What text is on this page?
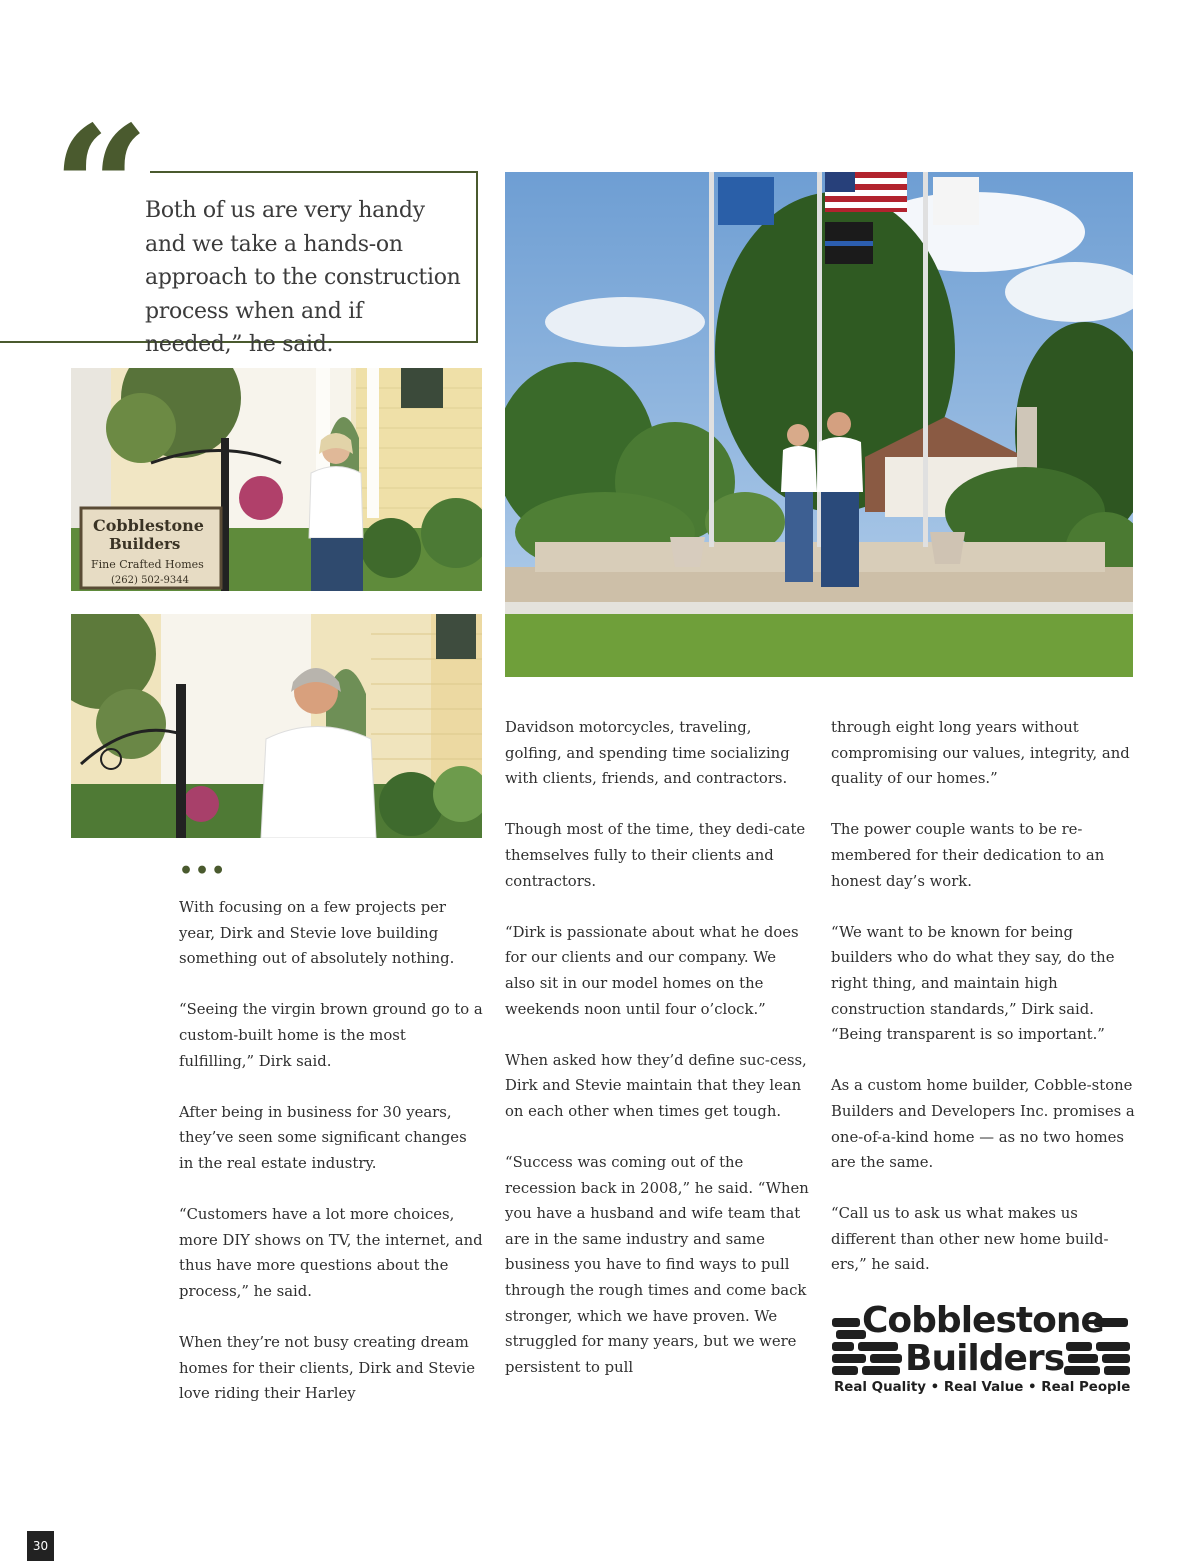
“
Both of us are very handy and we take a hands-on approach to the construction process when and if needed,” he said.
Cobblestone
Builders
Fine Crafted Homes
(262) 502-9344
•••

With focusing on a few projects per year, Dirk and Stevie love building something out of absolutely nothing.

“Seeing the virgin brown ground go to a custom-built home is the most fulfilling,” Dirk said.

After being in business for 30 years, they’ve seen some significant changes in the real estate industry.

“Customers have a lot more choices, more DIY shows on TV, the internet, and thus have more questions about the process,” he said.

When they’re not busy creating dream homes for their clients, Dirk and Stevie love riding their Harley

Davidson motorcycles, traveling, golfing, and spending time socializing with clients, friends, and contractors.

Though most of the time, they dedi-cate themselves fully to their clients and contractors.

“Dirk is passionate about what he does for our clients and our company. We also sit in our model homes on the weekends noon until four o’clock.”

When asked how they’d define suc-cess, Dirk and Stevie maintain that they lean on each other when times get tough.

“Success was coming out of the recession back in 2008,” he said. “When you have a husband and wife team that are in the same industry and same business you have to find ways to pull through the rough times and come back stronger, which we have proven. We struggled for many years, but we were persistent to pull

through eight long years without compromising our values, integrity, and quality of our homes.”

The power couple wants to be re-membered for their dedication to an honest day’s work.

“We want to be known for being builders who do what they say, do the right thing, and maintain high construction standards,” Dirk said. “Being transparent is so important.”

As a custom home builder, Cobble-stone Builders and Developers Inc. promises a one-of-a-kind home — as no two homes are the same.

“Call us to ask us what makes us different than other new home build-ers,” he said.

Cobblestone
Builders
Real Quality • Real Value • Real People
30
